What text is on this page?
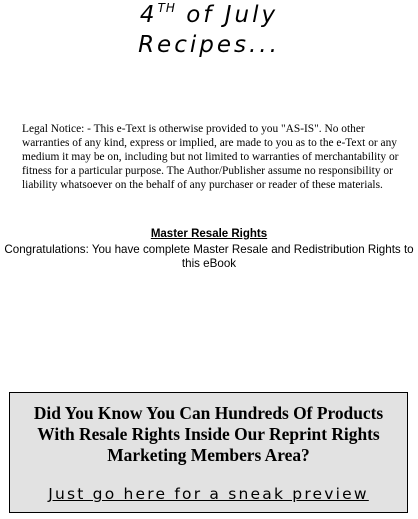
4TH of July
Recipes...
Legal Notice: - This e-Text is otherwise provided to you "AS-IS". No other warranties of any kind, express or implied, are made to you as to the e-Text or any medium it may be on, including but not limited to warranties of merchantability or fitness for a particular purpose. The Author/Publisher assume no responsibility or liability whatsoever on the behalf of any purchaser or reader of these materials.
Master Resale Rights
Congratulations: You have complete Master Resale and Redistribution Rights to this eBook
Did You Know You Can Hundreds Of Products
With Resale Rights Inside Our Reprint Rights
Marketing Members Area?
Just go here for a sneak preview
